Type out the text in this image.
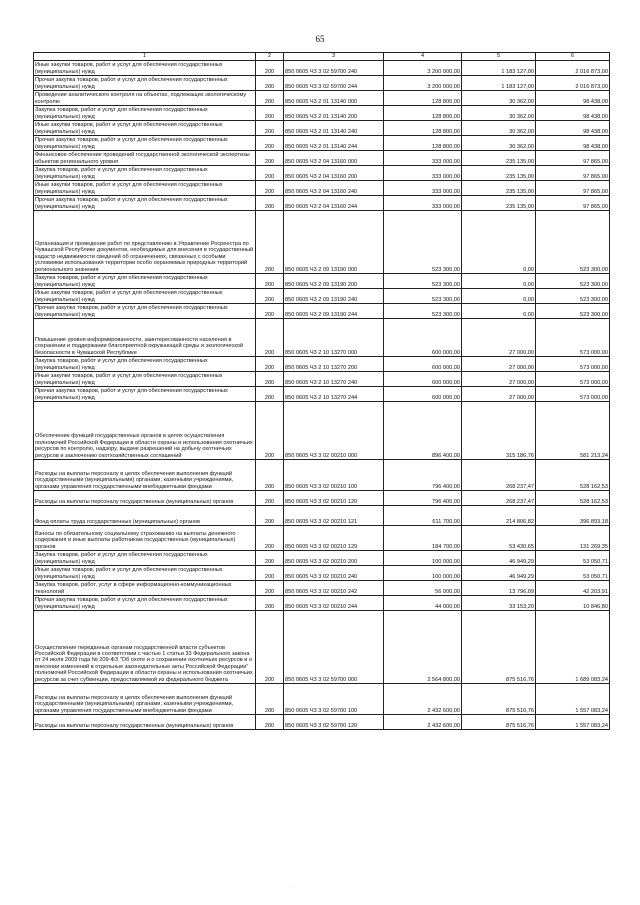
65
1	2	3	4	5	6
Иные закупки товаров, работ и услуг для обеспечения государственных (муниципальных) нужд	200	850 0605 Ч3 3 02 59700 240	3 200 000,00	1 183 127,00	2 016 873,00
Прочая закупка товаров, работ и услуг для обеспечения государственных (муниципальных) нужд	200	850 0605 Ч3 3 02 59700 244	3 200 000,00	1 183 127,00	2 016 873,00
Проведение аналитического контроля на объектах, подлежащих экологическому контролю	200	850 0605 Ч3 2 01 13140 000	128 800,00	30 362,00	98 438,00
Закупка товаров, работ и услуг для обеспечения государственных (муниципальных) нужд	200	850 0605 Ч3 2 01 13140 200	128 800,00	30 362,00	98 438,00
Иные закупки товаров, работ и услуг для обеспечения государственных (муниципальных) нужд	200	850 0605 Ч3 2 01 13140 240	128 800,00	30 362,00	98 438,00
Прочая закупка товаров, работ и услуг для обеспечения государственных (муниципальных) нужд	200	850 0605 Ч3 2 01 13140 244	128 800,00	30 362,00	98 438,00
Финансовое обеспечение проведений государственной экологической экспертизы объектов регионального уровня	200	850 0605 Ч3 2 04 13160 000	333 000,00	235 135,00	97 865,00
Закупка товаров, работ и услуг для обеспечения государственных (муниципальных) нужд	200	850 0605 Ч3 2 04 13160 200	333 000,00	235 135,00	97 865,00
Иные закупки товаров, работ и услуг для обеспечения государственных (муниципальных) нужд	200	850 0605 Ч3 2 04 13160 240	333 000,00	235 135,00	97 865,00
Прочая закупка товаров, работ и услуг для обеспечения государственных (муниципальных) нужд	200	850 0605 Ч3 2 04 13160 244	333 000,00	235 135,00	97 865,00
Организация и проведение работ по представлению в Управление Росреестра по Чувашской Республике документов, необходимых для внесения в государственный кадастр недвижимости сведений об ограничениях, связанных с особыми условиями использования территории особо охраняемых природных территорий регионального значения	200	850 0605 Ч3 2 09 13190 000	523 300,00	0,00	523 300,00
Закупка товаров, работ и услуг для обеспечения государственных (муниципальных) нужд	200	850 0605 Ч3 2 09 13190 200	523 300,00	0,00	523 300,00
Иные закупки товаров, работ и услуг для обеспечения государственных (муниципальных) нужд	200	850 0605 Ч3 2 09 13190 240	523 300,00	0,00	523 300,00
Прочая закупка товаров, работ и услуг для обеспечения государственных (муниципальных) нужд	200	850 0605 Ч3 2 09 13190 244	523 300,00	0,00	523 300,00
Повышение уровня информированности, заинтересованности населения в сохранении и поддержании благоприятной окружающей среды и экологической безопасности в Чувашской Республике	200	850 0605 Ч3 2 10 13270 000	600 000,00	27 000,00	573 000,00
Закупка товаров, работ и услуг для обеспечения государственных (муниципальных) нужд	200	850 0605 Ч3 2 10 13270 200	600 000,00	27 000,00	573 000,00
Иные закупки товаров, работ и услуг для обеспечения государственных (муниципальных) нужд	200	850 0605 Ч3 2 10 13270 240	600 000,00	27 000,00	573 000,00
Прочая закупка товаров, работ и услуг для обеспечения государственных (муниципальных) нужд	200	850 0605 Ч3 2 10 13270 244	600 000,00	27 000,00	573 000,00
Обеспечение функций государственных органов в целях осуществления полномочий Российской Федерации в области охраны и использования охотничьих ресурсов по контролю, надзору, выдаче разрешений на добычу охотничьих ресурсов и заключению охотхозяйственных соглашений	200	850 0605 Ч3 3 02 00210 000	896 400,00	315 186,76	581 213,24
Расходы на выплаты персоналу в целях обеспечения выполнения функций государственными (муниципальными) органами, казенными учреждениями, органами управления государственными внебюджетными фондами	200	850 0605 Ч3 3 02 00210 100	796 400,00	268 237,47	528 162,53
Расходы на выплаты персоналу государственных (муниципальных) органов	200	850 0605 Ч3 3 02 00210 120	796 400,00	268 237,47	528 162,53
Фонд оплаты труда государственных (муниципальных) органов	200	850 0605 Ч3 3 02 00210 121	611 700,00	214 806,82	396 893,18
Взносы по обязательному социальному страхованию на выплаты денежного содержания и иные выплаты работникам государственных (муниципальных) органов	200	850 0605 Ч3 3 02 00210 129	184 700,00	53 430,65	131 269,35
Закупка товаров, работ и услуг для обеспечения государственных (муниципальных) нужд	200	850 0605 Ч3 3 02 00210 200	100 000,00	46 949,29	53 050,71
Иные закупки товаров, работ и услуг для обеспечения государственных (муниципальных) нужд	200	850 0605 Ч3 3 02 00210 240	100 000,00	46 949,29	53 050,71
Закупка товаров, работ, услуг в сфере информационно-коммуникационных технологий	200	850 0605 Ч3 3 02 00210 242	56 000,00	13 796,09	42 203,91
Прочая закупка товаров, работ и услуг для обеспечения государственных (муниципальных) нужд	200	850 0605 Ч3 3 02 00210 244	44 000,00	33 153,20	10 846,80
Осуществление переданных органам государственной власти субъектов Российской Федерации в соответствии с частью 1 статьи 33 Федерального закона от 24 июля 2009 года № 209-ФЗ "Об охоте и о сохранении охотничьих ресурсов и о внесении изменений в отдельные законодательные акты Российской Федерации" полномочий Российской Федерации в области охраны и использования охотничьих ресурсов за счет субвенции, предоставляемой из федерального бюджета	200	850 0605 Ч3 3 02 59700 000	2 564 800,00	875 516,76	1 689 083,24
Расходы на выплаты персоналу в целях обеспечения выполнения функций государственными (муниципальными) органами, казенными учреждениями, органами управления государственными внебюджетными фондами	200	850 0605 Ч3 3 02 59700 100	2 432 600,00	875 516,76	1 557 083,24
Расходы на выплаты персоналу государственных (муниципальных) органов	200	850 0605 Ч3 3 02 59700 120	2 432 600,00	875 516,76	1 557 083,24
·
